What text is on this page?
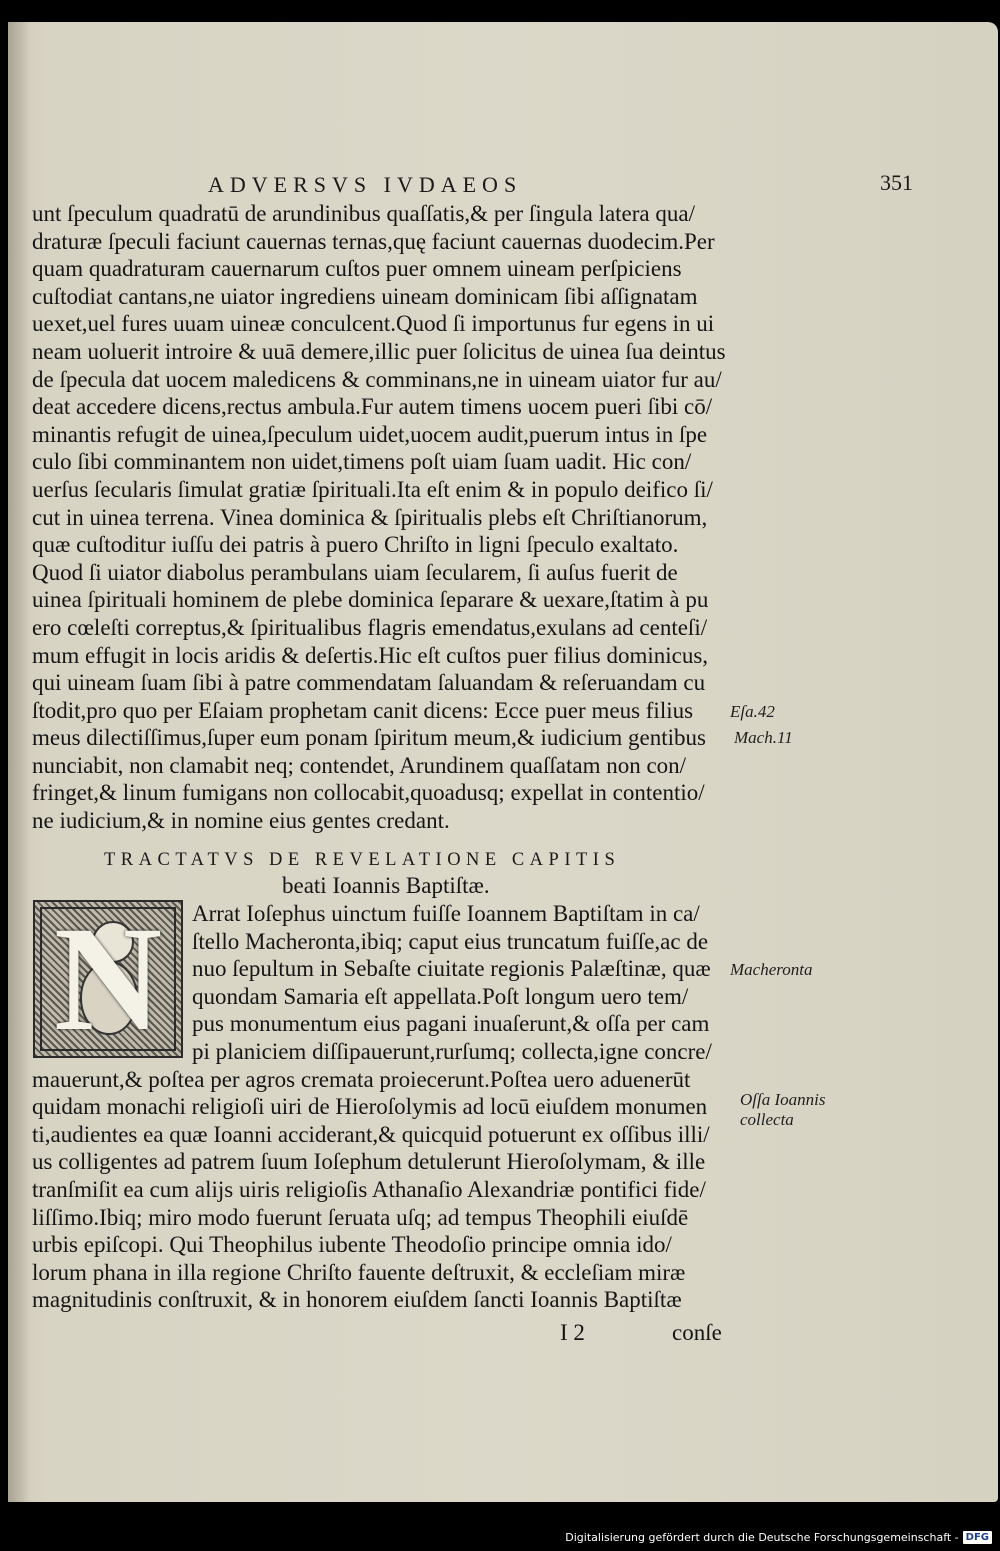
ADVERSVS IVDAEOS	351
unt ſpeculum quadratū de arundinibus quaſſatis,& per ſingula latera qua/
draturæ ſpeculi faciunt cauernas ternas,quę faciunt cauernas duodecim.Per
quam quadraturam cauernarum cuſtos puer omnem uineam perſpiciens
cuſtodiat cantans,ne uiator ingrediens uineam dominicam ſibi aſſignatam
uexet,uel fures uuam uineæ conculcent.Quod ſi importunus fur egens in ui
neam uoluerit introire & uuā demere,illic puer ſolicitus de uinea ſua deintus
de ſpecula dat uocem maledicens & comminans,ne in uineam uiator fur au/
deat accedere dicens,rectus ambula.Fur autem timens uocem pueri ſibi cō/
minantis refugit de uinea,ſpeculum uidet,uocem audit,puerum intus in ſpe
culo ſibi comminantem non uidet,timens poſt uiam ſuam uadit. Hic con/
uerſus ſecularis ſimulat gratiæ ſpirituali.Ita eſt enim & in populo deifico ſi/
cut in uinea terrena. Vinea dominica & ſpiritualis plebs eſt Chriſtianorum,
quæ cuſtoditur iuſſu dei patris à puero Chriſto in ligni ſpeculo exaltato.
Quod ſi uiator diabolus perambulans uiam ſecularem, ſi auſus fuerit de
uinea ſpirituali hominem de plebe dominica ſeparare & uexare,ſtatim à pu
ero cœleſti correptus,& ſpiritualibus flagris emendatus,exulans ad centeſi/
mum effugit in locis aridis & deſertis.Hic eſt cuſtos puer filius dominicus,
qui uineam ſuam ſibi à patre commendatam ſaluandam & reſeruandam cu
ſtodit,pro quo per Eſaiam prophetam canit dicens: Ecce puer meus filius
meus dilectiſſimus,ſuper eum ponam ſpiritum meum,& iudicium gentibus
nunciabit, non clamabit neq; contendet, Arundinem quaſſatam non con/
fringet,& linum fumigans non collocabit,quoadusq; expellat in contentio/
ne iudicium,& in nomine eius gentes credant.
TRACTATVS DE REVELATIONE CAPITIS
beati Ioannis Baptiſtæ.
N	Arrat Ioſephus uinctum fuiſſe Ioannem Baptiſtam in ca/
ſtello Macheronta,ibiq; caput eius truncatum fuiſſe,ac de
nuo ſepultum in Sebaſte ciuitate regionis Palæſtinæ, quæ
quondam Samaria eſt appellata.Poſt longum uero tem/
pus monumentum eius pagani inuaſerunt,& oſſa per cam
pi planiciem diſſipauerunt,rurſumq; collecta,igne concre/
mauerunt,& poſtea per agros cremata proiecerunt.Poſtea uero aduenerūt
quidam monachi religioſi uiri de Hieroſolymis ad locū eiuſdem monumen
ti,audientes ea quæ Ioanni acciderant,& quicquid potuerunt ex oſſibus illi/
us colligentes ad patrem ſuum Ioſephum detulerunt Hieroſolymam, & ille
tranſmiſit ea cum alijs uiris religioſis Athanaſio Alexandriæ pontifici fide/
liſſimo.Ibiq; miro modo fuerunt ſeruata uſq; ad tempus Theophili eiuſdē
urbis epiſcopi. Qui Theophilus iubente Theodoſio principe omnia ido/
lorum phana in illa regione Chriſto fauente deſtruxit, & eccleſiam miræ
magnitudinis conſtruxit, & in honorem eiuſdem ſancti Ioannis Baptiſtæ
I 2	conſe
Eſa.42
Mach.11
Macheronta
Oſſa Ioannis
collecta
Digitalisierung gefördert durch die Deutsche Forschungsgemeinschaft - DFG
